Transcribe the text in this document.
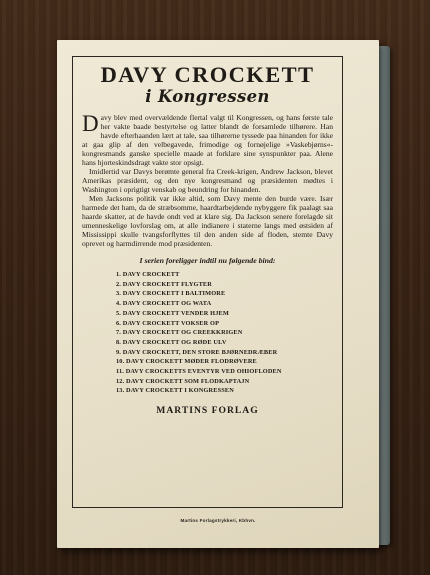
DAVY CROCKETT
i Kongressen

Davy blev med overvældende flertal valgt til Kongressen, og hans første tale her vakte baade bestyrtelse og latter blandt de forsamlede tilhørere. Han havde efterhaanden lært at tale, saa tilhørerne tyssede paa hinanden for ikke at gaa glip af den velbegavede, frimodige og fornøjelige »Vaskebjørns«-kongresmands ganske specielle maade at forklare sine synspunkter paa. Alene hans hjorteskindsdragt vakte stor opsigt.

Imidlertid var Davys berømte general fra Creek-krigen, Andrew Jackson, blevet Amerikas præsident, og den nye kongresmand og præsidenten mødtes i Washington i oprigtigt venskab og beundring for hinanden.

Men Jacksons politik var ikke altid, som Davy mente den burde være. Især harmede det ham, da de stræbsomme, haardtarbejdende nybyggere fik paalagt saa haarde skatter, at de havde ondt ved at klare sig. Da Jackson senere forelagde sit umenneskelige lovforslag om, at alle indianere i staterne langs med østsiden af Mississippi skulle tvangsforflyttes til den anden side af floden, stemte Davy oprevet og harmdirrende mod præsidenten.

I serien foreligger indtil nu følgende bind:
1. DAVY CROCKETT
2. DAVY CROCKETT FLYGTER
3. DAVY CROCKETT I BALTIMORE
4. DAVY CROCKETT OG WATA
5. DAVY CROCKETT VENDER HJEM
6. DAVY CROCKETT VOKSER OP
7. DAVY CROCKETT OG CREEKKRIGEN
8. DAVY CROCKETT OG RØDE ULV
9. DAVY CROCKETT, DEN STORE BJØRNEDRÆBER
10. DAVY CROCKETT MØDER FLODRØVERE
11. DAVY CROCKETTS EVENTYR VED OHIOFLODEN
12. DAVY CROCKETT SOM FLODKAPTAJN
13. DAVY CROCKETT I KONGRESSEN
MARTINS FORLAG
Martins Forlagstrykkeri, Kbhvn.
